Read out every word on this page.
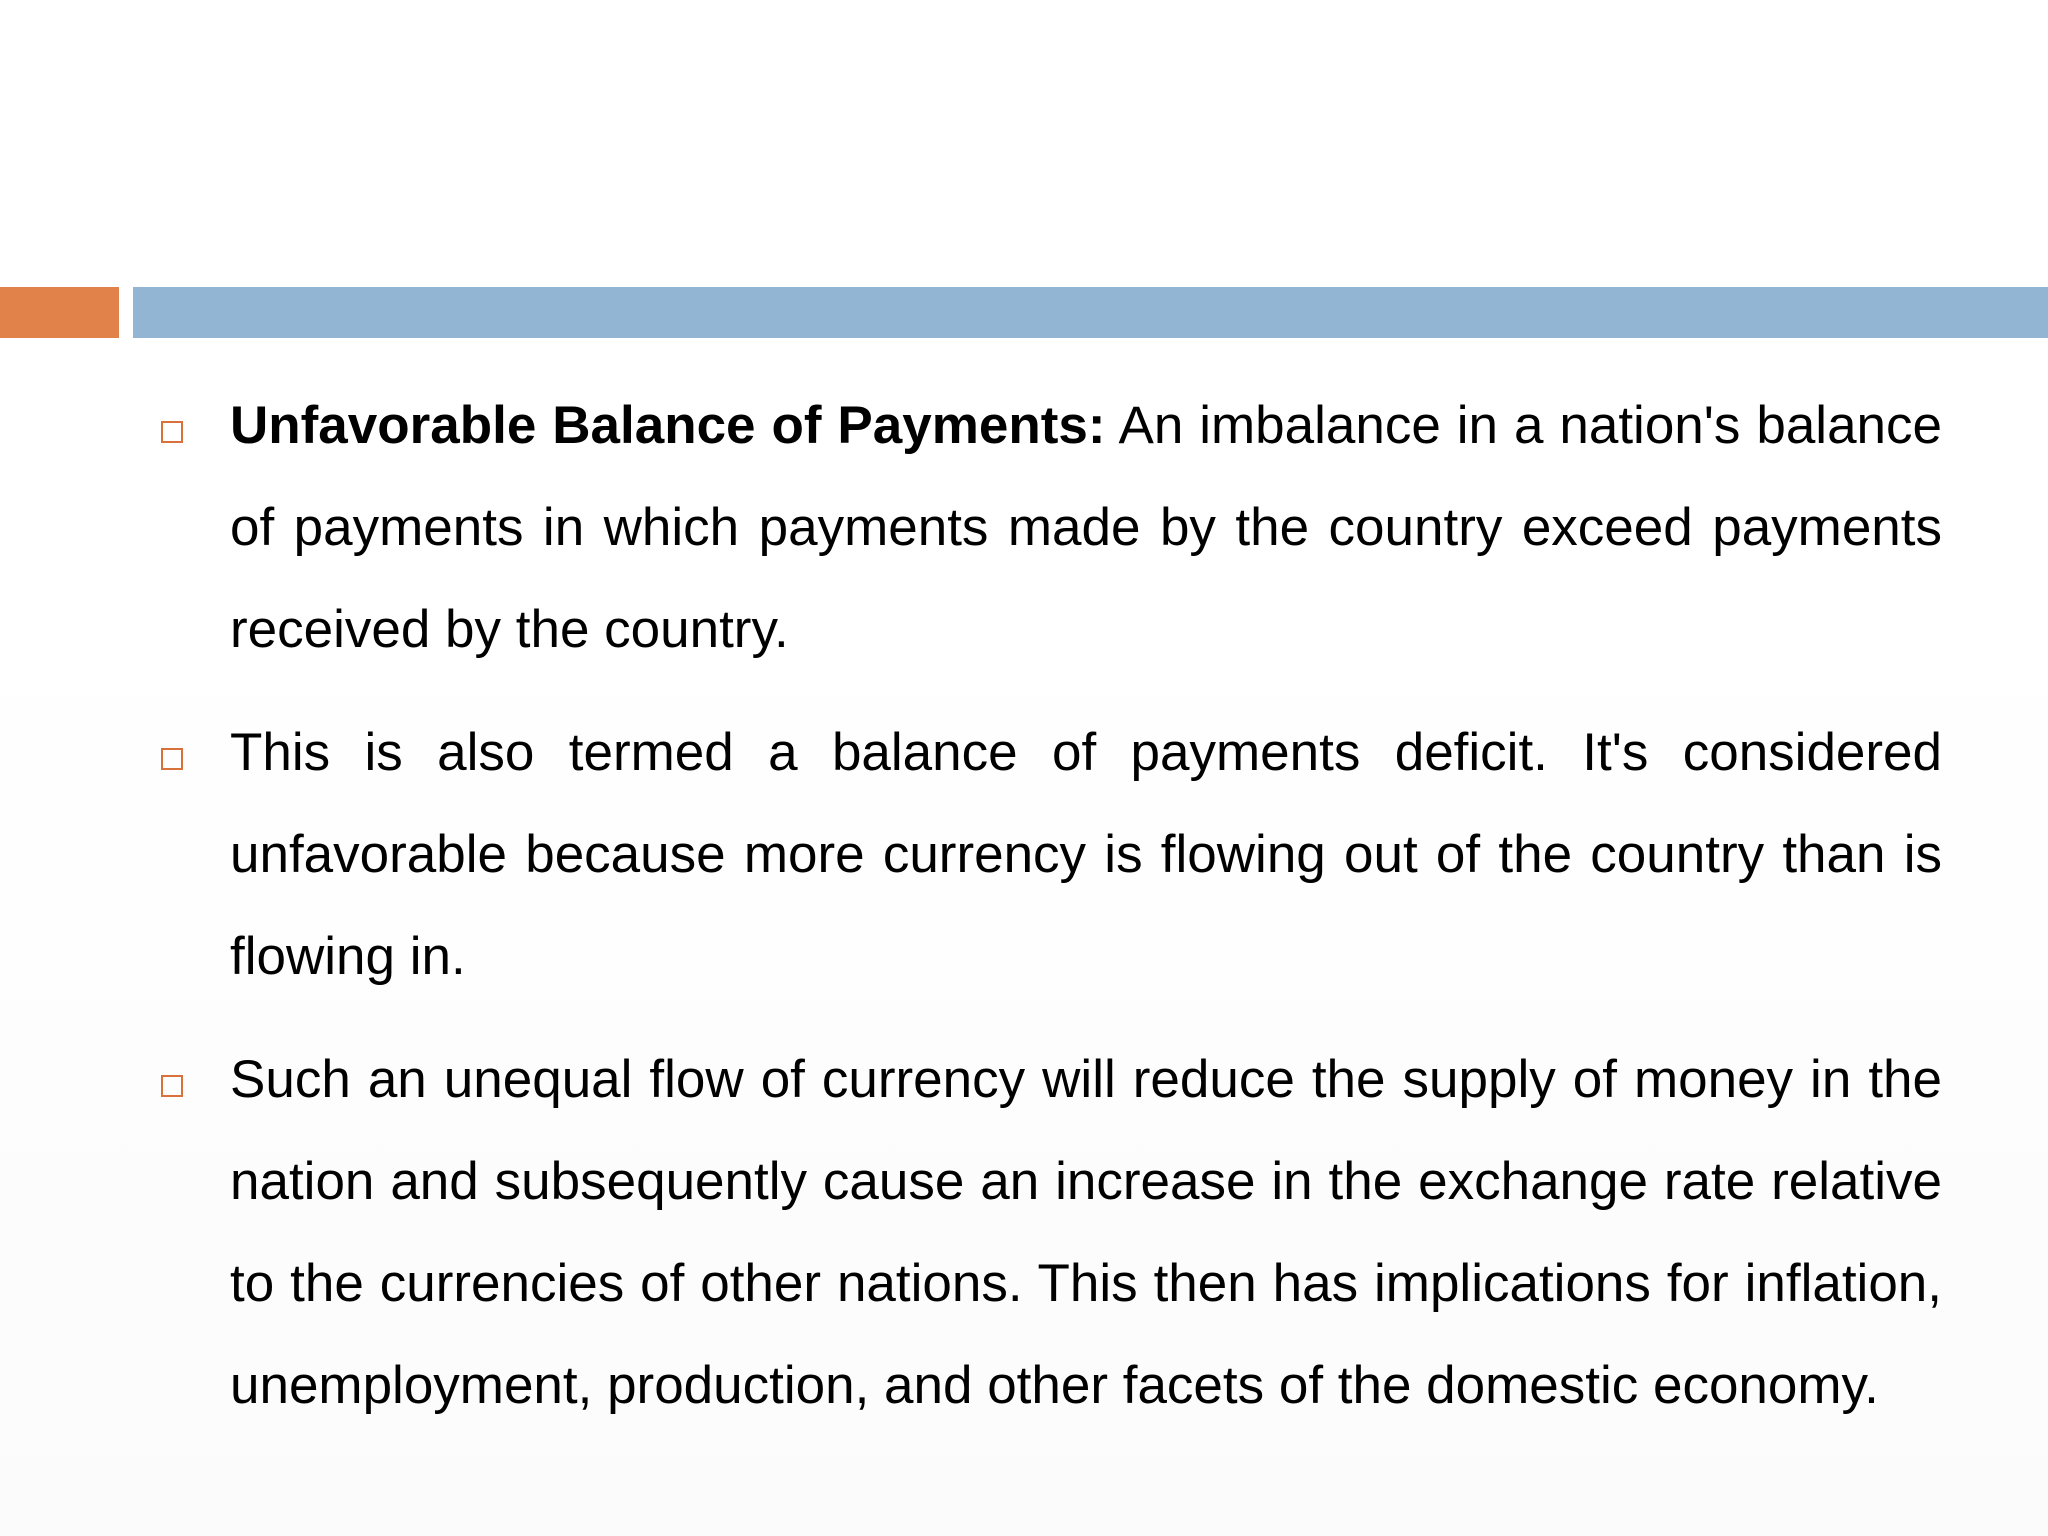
Unfavorable Balance of Payments: An imbalance in a nation's balance of payments in which payments made by the country exceed payments received by the country.
This is also termed a balance of payments deficit. It's considered unfavorable because more currency is flowing out of the country than is flowing in.
Such an unequal flow of currency will reduce the supply of money in the nation and subsequently cause an increase in the exchange rate relative to the currencies of other nations. This then has implications for inflation, unemployment, production, and other facets of the domestic economy.
